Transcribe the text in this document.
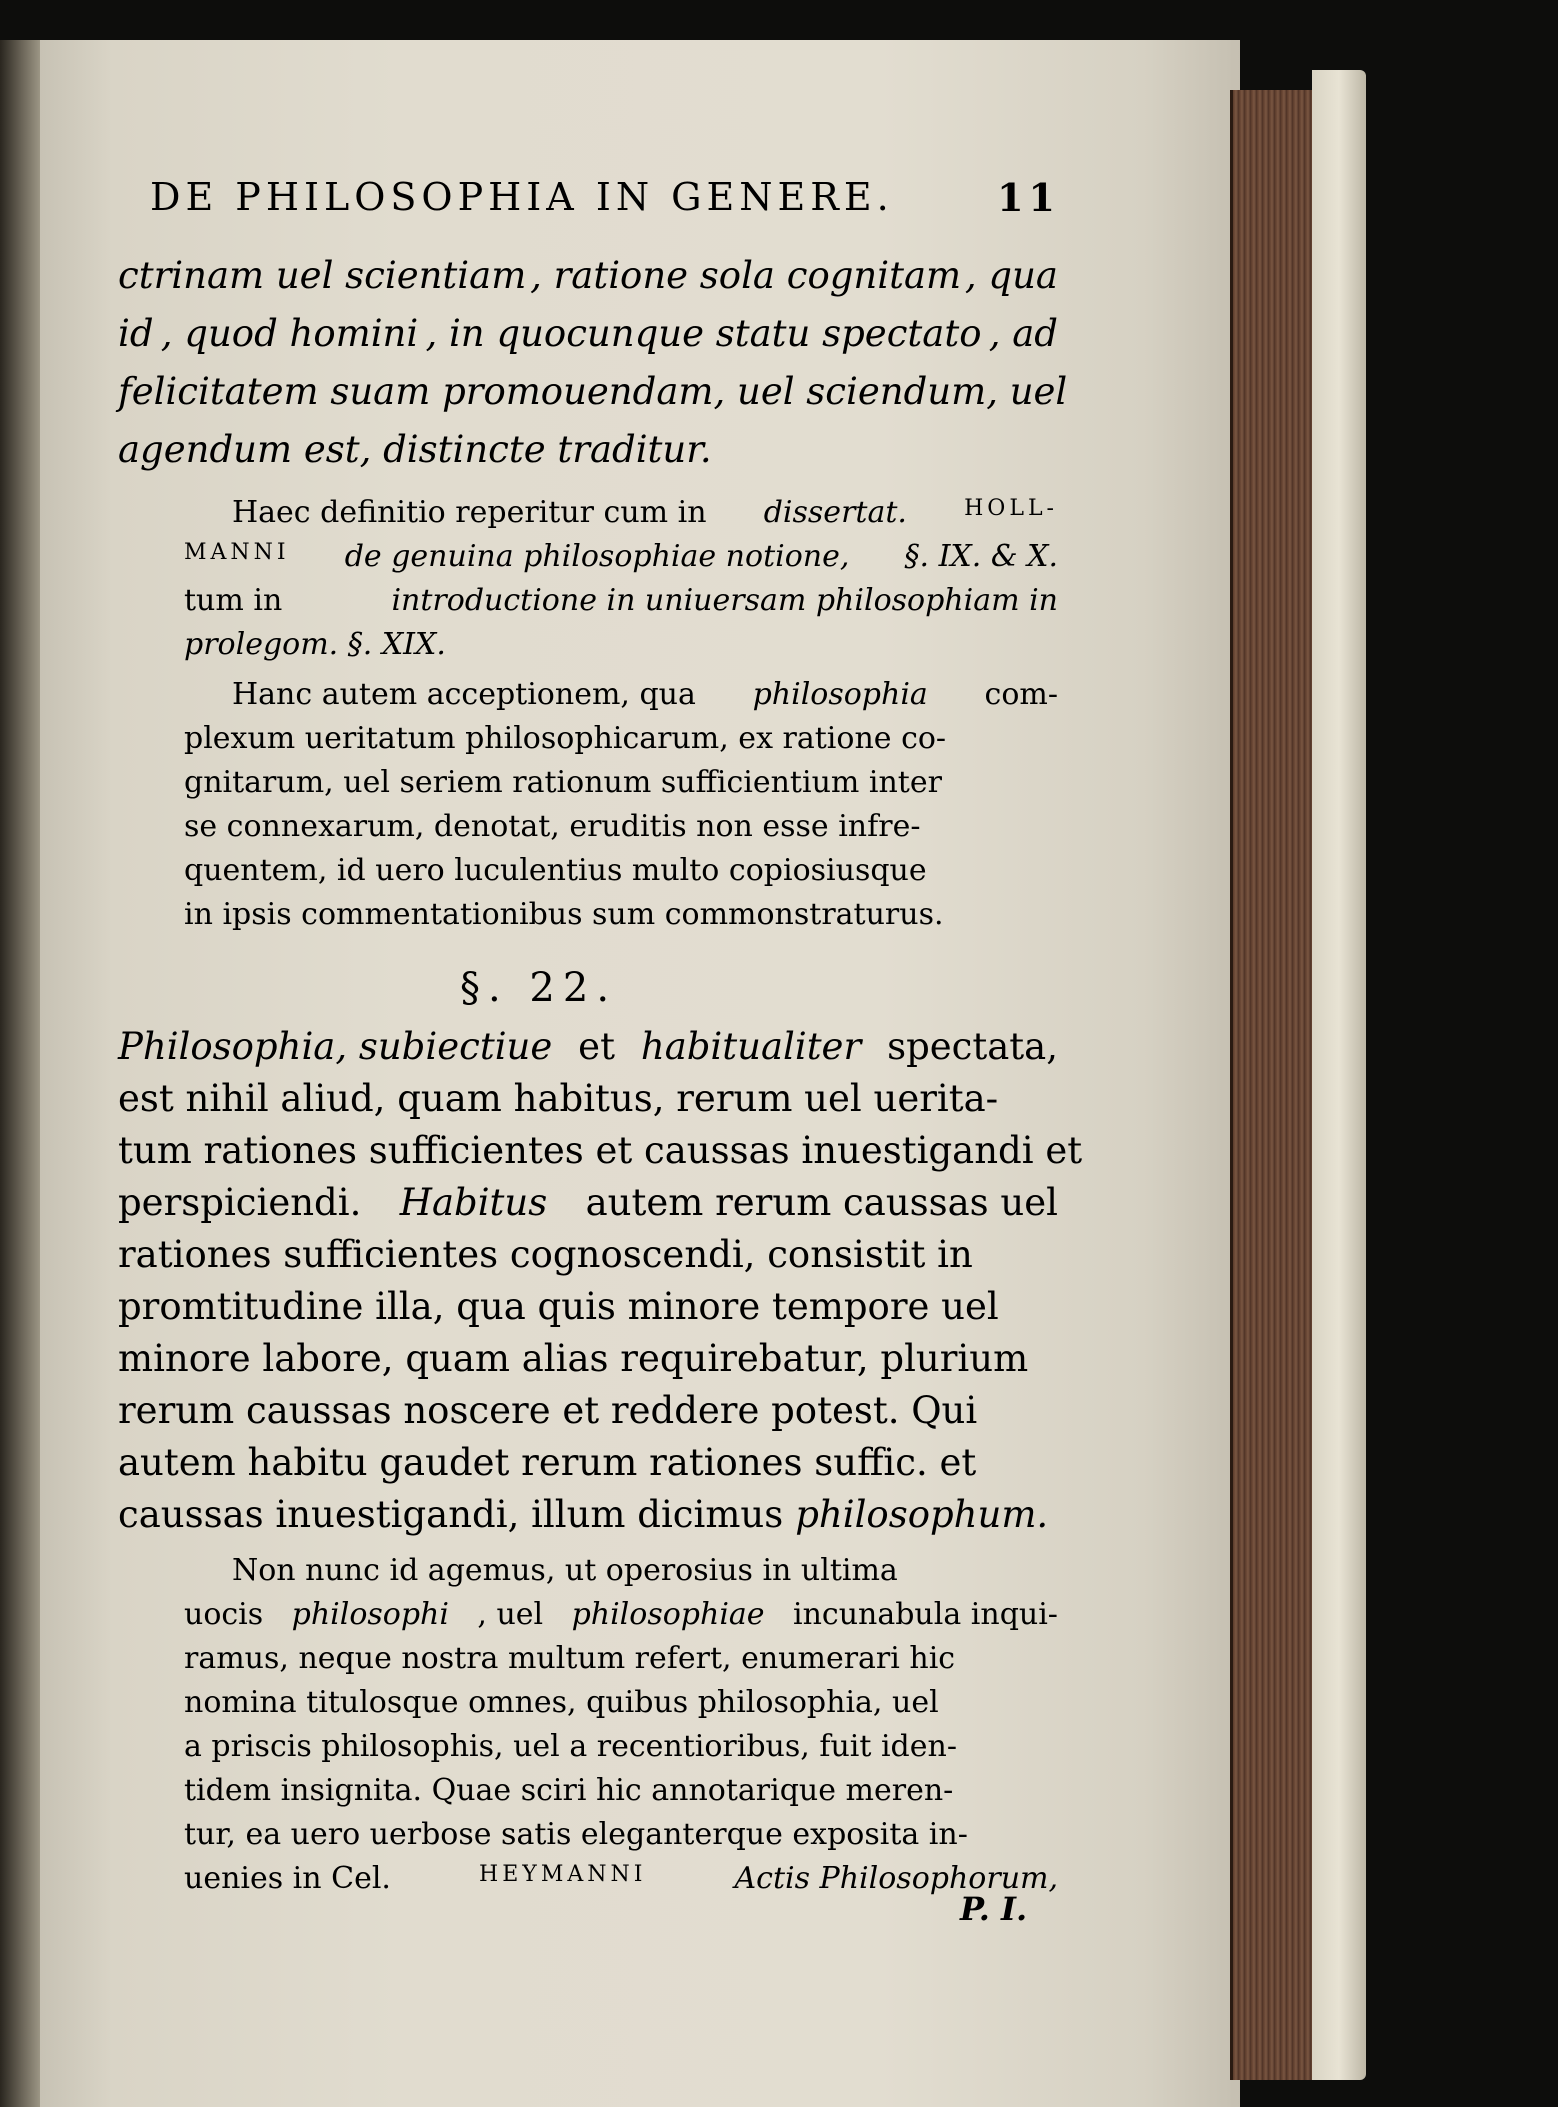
DE PHILOSOPHIA IN GENERE.	11
ctrinam uel scientiam , ratione sola cognitam , qua
id , quod homini , in quocunque statu spectato , ad
felicitatem suam promouendam , uel sciendum , uel
agendum est , distincte traditur.
Haec definitio reperitur cum in dissertat.	HOLL-
MANNI de genuina philosophiae notione, §. IX. & X.
tum in	introductione in uniuersam philosophiam in
prolegom. §. XIX.
Hanc autem acceptionem, qua philosophia com-
plexum ueritatum philosophicarum, ex ratione co-
gnitarum, uel seriem rationum sufficientium inter
se connexarum, denotat, eruditis non esse infre-
quentem, id uero luculentius multo copiosiusque
in ipsis commentationibus sum commonstraturus.
§. 22.
Philosophia , subiectiue et habitualiter spectata,
est nihil aliud, quam habitus, rerum uel uerita-
tum rationes sufficientes et caussas inuestigandi et
perspiciendi. Habitus autem rerum caussas uel
rationes sufficientes cognoscendi, consistit in
promtitudine illa, qua quis minore tempore uel
minore labore, quam alias requirebatur, plurium
rerum caussas noscere et reddere potest. Qui
autem habitu gaudet rerum rationes suffic. et
caussas inuestigandi, illum dicimus philosophum.
Non nunc id agemus, ut operosius in ultima
uocis philosophi , uel philosophiae incunabula inqui-
ramus, neque nostra multum refert, enumerari hic
nomina titulosque omnes, quibus philosophia, uel
a priscis philosophis, uel a recentioribus, fuit iden-
tidem insignita. Quae sciri hic annotarique meren-
tur, ea uero uerbose satis eleganterque exposita in-
uenies in Cel.	HEYMANNI	Actis Philosophorum,
P. I.
